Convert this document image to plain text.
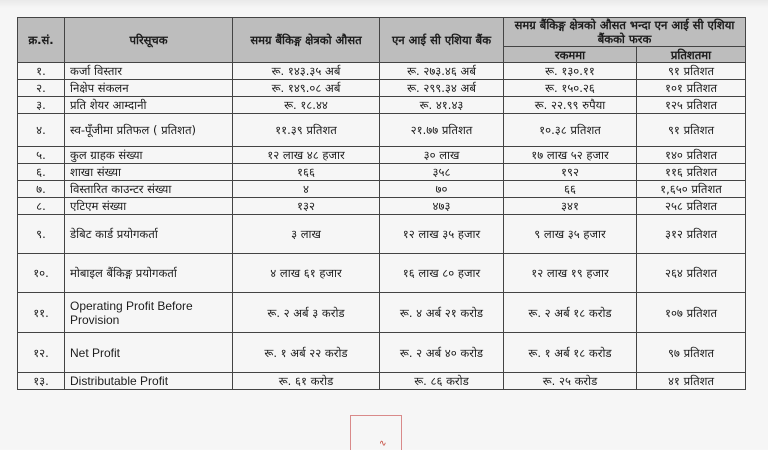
क्र.सं.	परिसूचक	समग्र बैंकिङ्ग क्षेत्रको औसत	एन आई सी एशिया बैंक	समग्र बैंकिङ्ग क्षेत्रको औसत भन्दा एन आई सी एशिया बैंकको फरक	
				रकममा	प्रतिशतमा
१.	कर्जा विस्तार	रू. १४३.३५ अर्ब	रू. २७३.४६ अर्ब	रू. १३०.११	९१ प्रतिशत
२.	निक्षेप संकलन	रू. १४९.०८ अर्ब	रू. २९९.३४ अर्ब	रू. १५०.२६	१०१ प्रतिशत
३.	प्रति शेयर आम्दानी	रू. १८.४४	रू. ४१.४३	रू. २२.९९ रुपैया	१२५ प्रतिशत
४.	स्व-पूँजीमा प्रतिफल ( प्रतिशत)	११.३९ प्रतिशत	२१.७७ प्रतिशत	१०.३८ प्रतिशत	९१ प्रतिशत
५.	कुल ग्राहक संख्या	१२ लाख ४८ हजार	३० लाख	१७ लाख ५२ हजार	१४० प्रतिशत
६.	शाखा संख्या	१६६	३५८	१९२	११६ प्रतिशत
७.	विस्तारित काउन्टर संख्या	४	७०	६६	१,६५० प्रतिशत
८.	एटिएम संख्या	१३२	४७३	३४१	२५८ प्रतिशत
९.	डेबिट कार्ड प्रयोगकर्ता	३ लाख	१२ लाख ३५ हजार	९ लाख ३५ हजार	३१२ प्रतिशत
१०.	मोबाइल बैंकिङ्ग प्रयोगकर्ता	४ लाख ६१ हजार	१६ लाख ८० हजार	१२ लाख १९ हजार	२६४ प्रतिशत
११.	Operating Profit Before Provision	रू. २ अर्ब ३ करोड	रू. ४ अर्ब २१ करोड	रू. २ अर्ब १८ करोड	१०७ प्रतिशत
१२.	Net Profit	रू. १ अर्ब २२ करोड	रू. २ अर्ब ४० करोड	रू. १ अर्ब १८ करोड	९७ प्रतिशत
१३.	Distributable Profit	रू. ६१ करोड	रू. ८६ करोड	रू. २५ करोड	४१ प्रतिशत
∿
